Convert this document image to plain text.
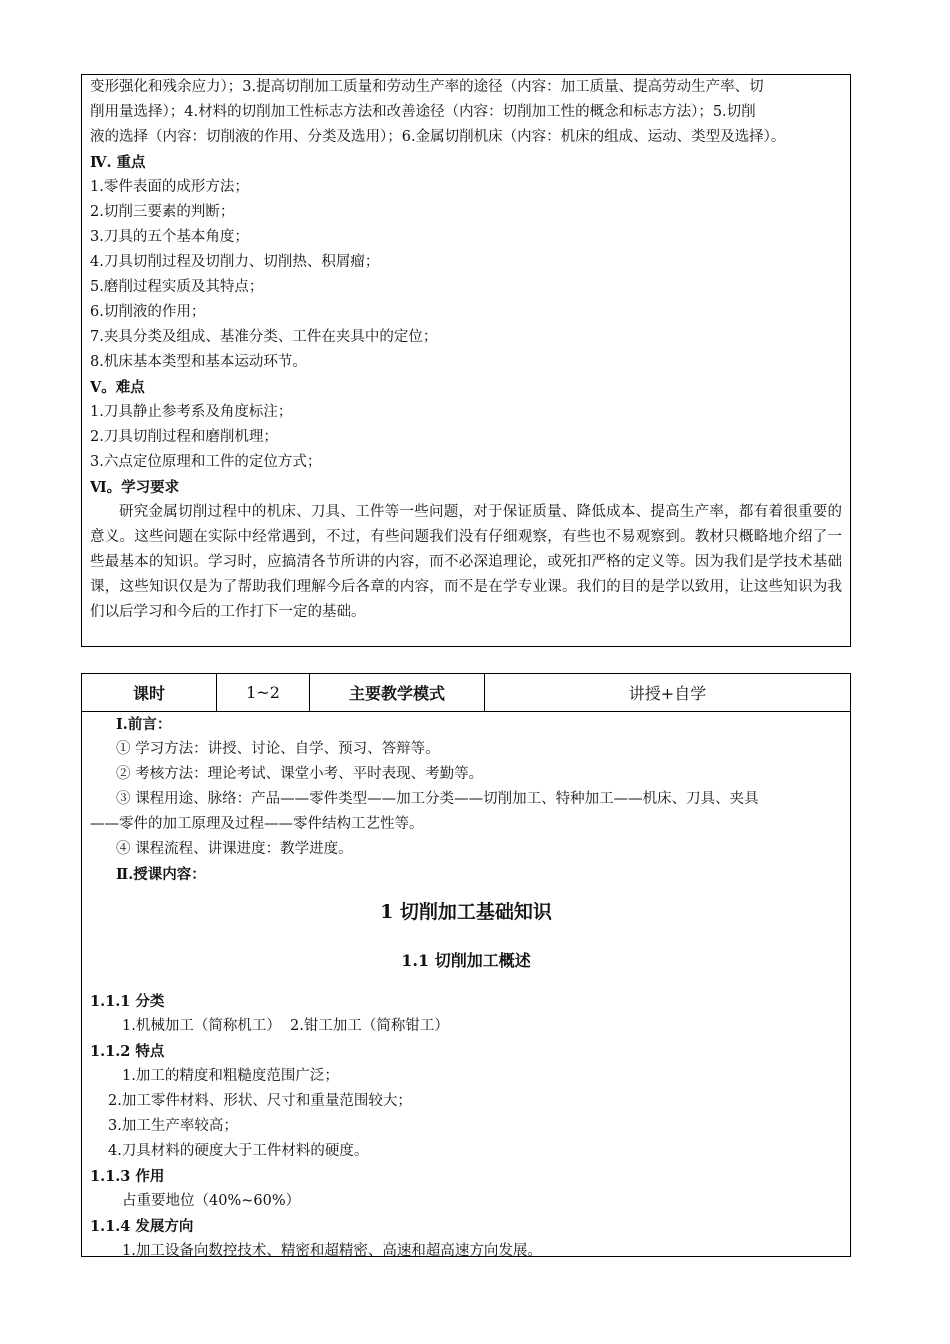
变形强化和残余应力）；3.提高切削加工质量和劳动生产率的途径（内容：加工质量、提高劳动生产率、切
削用量选择）；4.材料的切削加工性标志方法和改善途径（内容：切削加工性的概念和标志方法）；5.切削
液的选择（内容：切削液的作用、分类及选用）；6.金属切削机床（内容：机床的组成、运动、类型及选择）。
Ⅳ. 重点
1.零件表面的成形方法；
2.切削三要素的判断；
3.刀具的五个基本角度；
4.刀具切削过程及切削力、切削热、积屑瘤；
5.磨削过程实质及其特点；
6.切削液的作用；
7.夹具分类及组成、基准分类、工件在夹具中的定位；
8.机床基本类型和基本运动环节。
Ⅴ。难点
1.刀具静止参考系及角度标注；
2.刀具切削过程和磨削机理；
3.六点定位原理和工件的定位方式；
Ⅵ。学习要求
研究金属切削过程中的机床、刀具、工件等一些问题，对于保证质量、降低成本、提高生产率，都有着很重要的意义。这些问题在实际中经常遇到，不过，有些问题我们没有仔细观察，有些也不易观察到。教材只概略地介绍了一些最基本的知识。学习时，应搞清各节所讲的内容，而不必深追理论，或死扣严格的定义等。因为我们是学技术基础课，这些知识仅是为了帮助我们理解今后各章的内容，而不是在学专业课。我们的目的是学以致用，让这些知识为我们以后学习和今后的工作打下一定的基础。
课时	1~2	主要教学模式	讲授+自学
Ⅰ.前言：
① 学习方法：讲授、讨论、自学、预习、答辩等。
② 考核方法：理论考试、课堂小考、平时表现、考勤等。
③ 课程用途、脉络：产品——零件类型——加工分类——切削加工、特种加工——机床、刀具、夹具
——零件的加工原理及过程——零件结构工艺性等。
④ 课程流程、讲课进度：教学进度。
Ⅱ.授课内容：
1 切削加工基础知识
1.1 切削加工概述
1.1.1 分类
1.机械加工（简称机工）  2.钳工加工（简称钳工）
1.1.2 特点
1.加工的精度和粗糙度范围广泛；
2.加工零件材料、形状、尺寸和重量范围较大；
3.加工生产率较高；
4.刀具材料的硬度大于工件材料的硬度。
1.1.3 作用
占重要地位（40%~60%）
1.1.4 发展方向
1.加工设备向数控技术、精密和超精密、高速和超高速方向发展。
